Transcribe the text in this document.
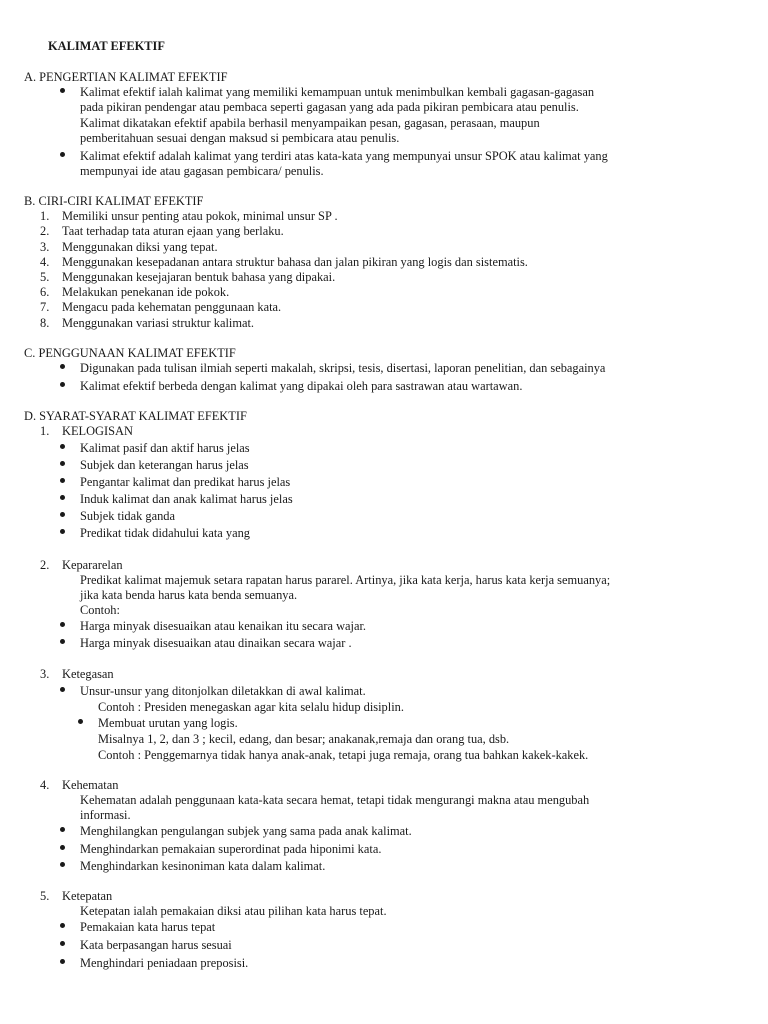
KALIMAT EFEKTIF
A. PENGERTIAN KALIMAT EFEKTIF
Kalimat efektif ialah kalimat yang memiliki kemampuan untuk menimbulkan kembali gagasan-gagasan
pada pikiran pendengar atau pembaca seperti gagasan yang ada pada pikiran pembicara atau penulis.
Kalimat dikatakan efektif apabila berhasil menyampaikan pesan, gagasan, perasaan, maupun
pemberitahuan sesuai dengan maksud si pembicara atau penulis.
Kalimat efektif adalah kalimat yang terdiri atas kata-kata yang mempunyai unsur SPOK atau kalimat yang
mempunyai ide atau gagasan pembicara/ penulis.
B. CIRI-CIRI KALIMAT EFEKTIF
1. Memiliki unsur penting atau pokok, minimal unsur SP .
2. Taat terhadap tata aturan ejaan yang berlaku.
3. Menggunakan diksi yang tepat.
4. Menggunakan kesepadanan antara struktur bahasa dan jalan pikiran yang logis dan sistematis.
5. Menggunakan kesejajaran bentuk bahasa yang dipakai.
6. Melakukan penekanan ide pokok.
7. Mengacu pada kehematan penggunaan kata.
8. Menggunakan variasi struktur kalimat.
C. PENGGUNAAN KALIMAT EFEKTIF
Digunakan pada tulisan ilmiah seperti makalah, skripsi, tesis, disertasi, laporan penelitian, dan sebagainya
Kalimat efektif berbeda dengan kalimat yang dipakai oleh para sastrawan atau wartawan.
D. SYARAT-SYARAT KALIMAT EFEKTIF
1. KELOGISAN
Kalimat pasif dan aktif harus jelas
Subjek dan keterangan harus jelas
Pengantar kalimat dan predikat harus jelas
Induk kalimat dan anak kalimat harus jelas
Subjek tidak ganda
Predikat tidak didahului kata yang
2. Kepararelan
Predikat kalimat majemuk setara rapatan harus pararel. Artinya, jika kata kerja, harus kata kerja semuanya;
jika kata benda harus kata benda semuanya.
Contoh:
Harga minyak disesuaikan atau kenaikan itu secara wajar.
Harga minyak disesuaikan atau dinaikan secara wajar .
3. Ketegasan
Unsur-unsur yang ditonjolkan diletakkan di awal kalimat.
Contoh : Presiden menegaskan agar kita selalu hidup disiplin.
Membuat urutan yang logis.
Misalnya 1, 2, dan 3 ; kecil, edang, dan besar; anakanak,remaja dan orang tua, dsb.
Contoh : Penggemarnya tidak hanya anak-anak, tetapi juga remaja, orang tua bahkan kakek-kakek.
4. Kehematan
Kehematan adalah penggunaan kata-kata secara hemat, tetapi tidak mengurangi makna atau mengubah
informasi.
Menghilangkan pengulangan subjek yang sama pada anak kalimat.
Menghindarkan pemakaian superordinat pada hiponimi kata.
Menghindarkan kesinoniman kata dalam kalimat.
5. Ketepatan
Ketepatan ialah pemakaian diksi atau pilihan kata harus tepat.
Pemakaian kata harus tepat
Kata berpasangan harus sesuai
Menghindari peniadaan preposisi.
